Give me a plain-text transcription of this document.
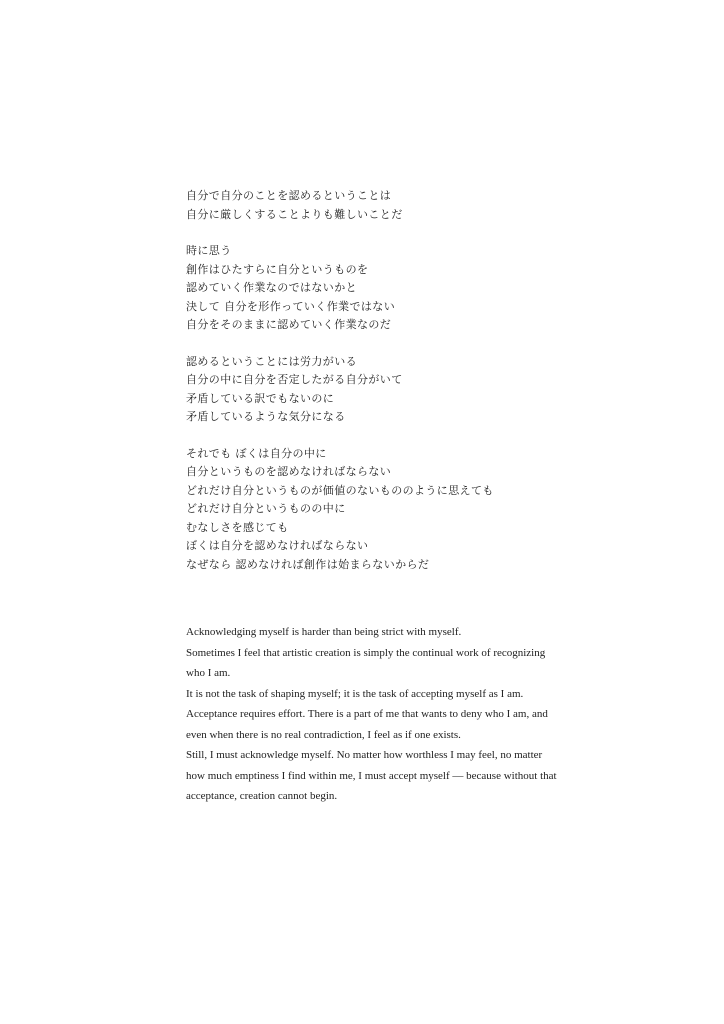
自分で自分のことを認めるということは
自分に厳しくすることよりも難しいことだ
時に思う
創作はひたすらに自分というものを
認めていく作業なのではないかと
決して 自分を形作っていく作業ではない
自分をそのままに認めていく作業なのだ
認めるということには労力がいる
自分の中に自分を否定したがる自分がいて
矛盾している訳でもないのに
矛盾しているような気分になる
それでも ぼくは自分の中に
自分というものを認めなければならない
どれだけ自分というものが価値のないもののように思えても
どれだけ自分というものの中に
むなしさを感じても
ぼくは自分を認めなければならない
なぜなら 認めなければ創作は始まらないからだ
Acknowledging myself is harder than being strict with myself.
Sometimes I feel that artistic creation is simply the continual work of recognizing
who I am.
It is not the task of shaping myself; it is the task of accepting myself as I am.
Acceptance requires effort. There is a part of me that wants to deny who I am, and
even when there is no real contradiction, I feel as if one exists.
Still, I must acknowledge myself. No matter how worthless I may feel, no matter
how much emptiness I find within me, I must accept myself — because without that
acceptance, creation cannot begin.
